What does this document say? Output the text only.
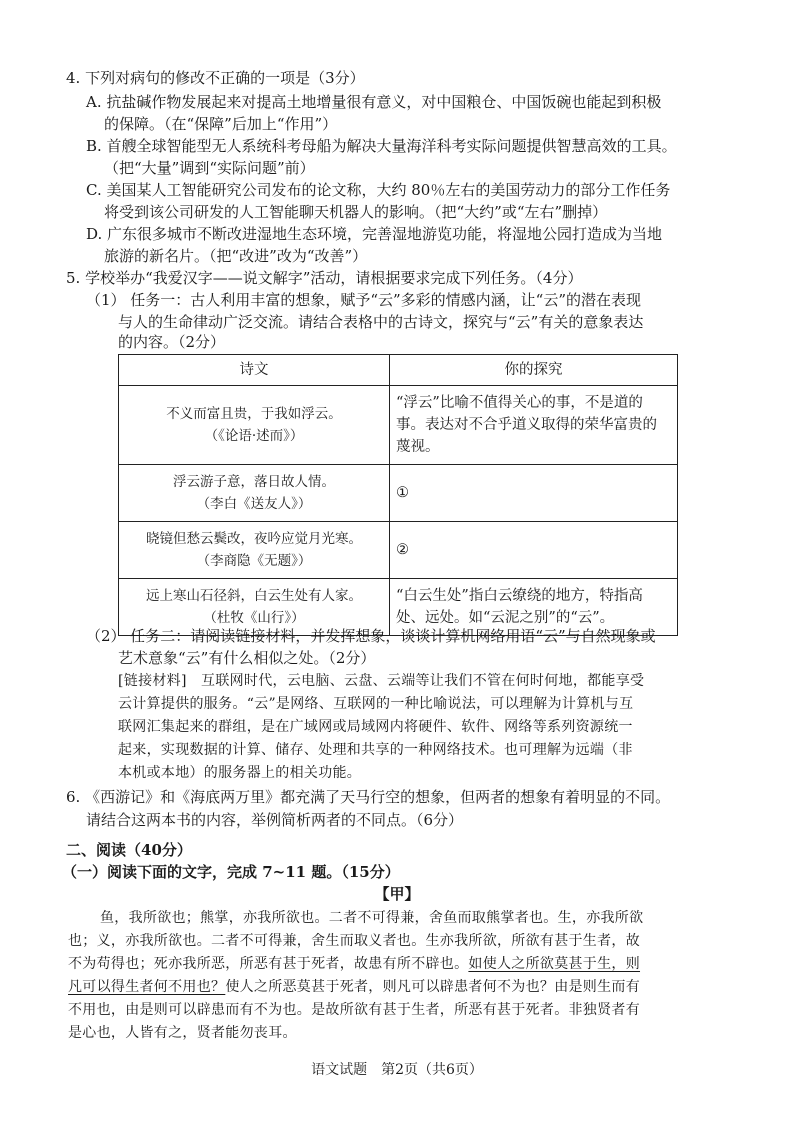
4. 下列对病句的修改不正确的一项是（3分）
A. 抗盐碱作物发展起来对提高土地增量很有意义，对中国粮仓、中国饭碗也能起到积极
的保障。（在“保障”后加上“作用”）
B. 首艘全球智能型无人系统科考母船为解决大量海洋科考实际问题提供智慧高效的工具。
（把“大量”调到“实际问题”前）
C. 美国某人工智能研究公司发布的论文称，大约 80％左右的美国劳动力的部分工作任务
将受到该公司研发的人工智能聊天机器人的影响。（把“大约”或“左右”删掉）
D. 广东很多城市不断改进湿地生态环境，完善湿地游览功能，将湿地公园打造成为当地
旅游的新名片。（把“改进”改为“改善”）
5. 学校举办“我爱汉字——说文解字”活动，请根据要求完成下列任务。（4分）
（1） 任务一：古人利用丰富的想象，赋予“云”多彩的情感内涵，让“云”的潜在表现
与人的生命律动广泛交流。请结合表格中的古诗文，探究与“云”有关的意象表达
的内容。（2分）
诗文	你的探究

不义而富且贵，于我如浮云。
（《论语·述而》）	“浮云”比喻不值得关心的事，不是道的事。表达对不合乎道义取得的荣华富贵的蔑视。

浮云游子意，落日故人情。
（李白《送友人》）	①

晓镜但愁云鬓改，夜吟应觉月光寒。
（李商隐《无题》）	②

远上寒山石径斜，白云生处有人家。
（杜牧《山行》）	“白云生处”指白云缭绕的地方，特指高处、远处。如“云泥之别”的“云”。
（2） 任务二：请阅读链接材料，并发挥想象，谈谈计算机网络用语“云”与自然现象或
艺术意象“云”有什么相似之处。（2分）
[链接材料]　互联网时代，云电脑、云盘、云端等让我们不管在何时何地，都能享受
云计算提供的服务。“云”是网络、互联网的一种比喻说法，可以理解为计算机与互
联网汇集起来的群组，是在广域网或局域网内将硬件、软件、网络等系列资源统一
起来，实现数据的计算、储存、处理和共享的一种网络技术。也可理解为远端（非
本机或本地）的服务器上的相关功能。
6. 《西游记》和《海底两万里》都充满了天马行空的想象，但两者的想象有着明显的不同。
请结合这两本书的内容，举例简析两者的不同点。（6分）
二、阅读（40分）
（一）阅读下面的文字，完成 7~11 题。（15分）
【甲】
鱼，我所欲也；熊掌，亦我所欲也。二者不可得兼，舍鱼而取熊掌者也。生，亦我所欲
也；义，亦我所欲也。二者不可得兼，舍生而取义者也。生亦我所欲，所欲有甚于生者，故
不为苟得也；死亦我所恶，所恶有甚于死者，故患有所不辟也。如使人之所欲莫甚于生，则
凡可以得生者何不用也？使人之所恶莫甚于死者，则凡可以辟患者何不为也？由是则生而有
不用也，由是则可以辟患而有不为也。是故所欲有甚于生者，所恶有甚于死者。非独贤者有
是心也，人皆有之，贤者能勿丧耳。
语文试题　第2页（共6页）
